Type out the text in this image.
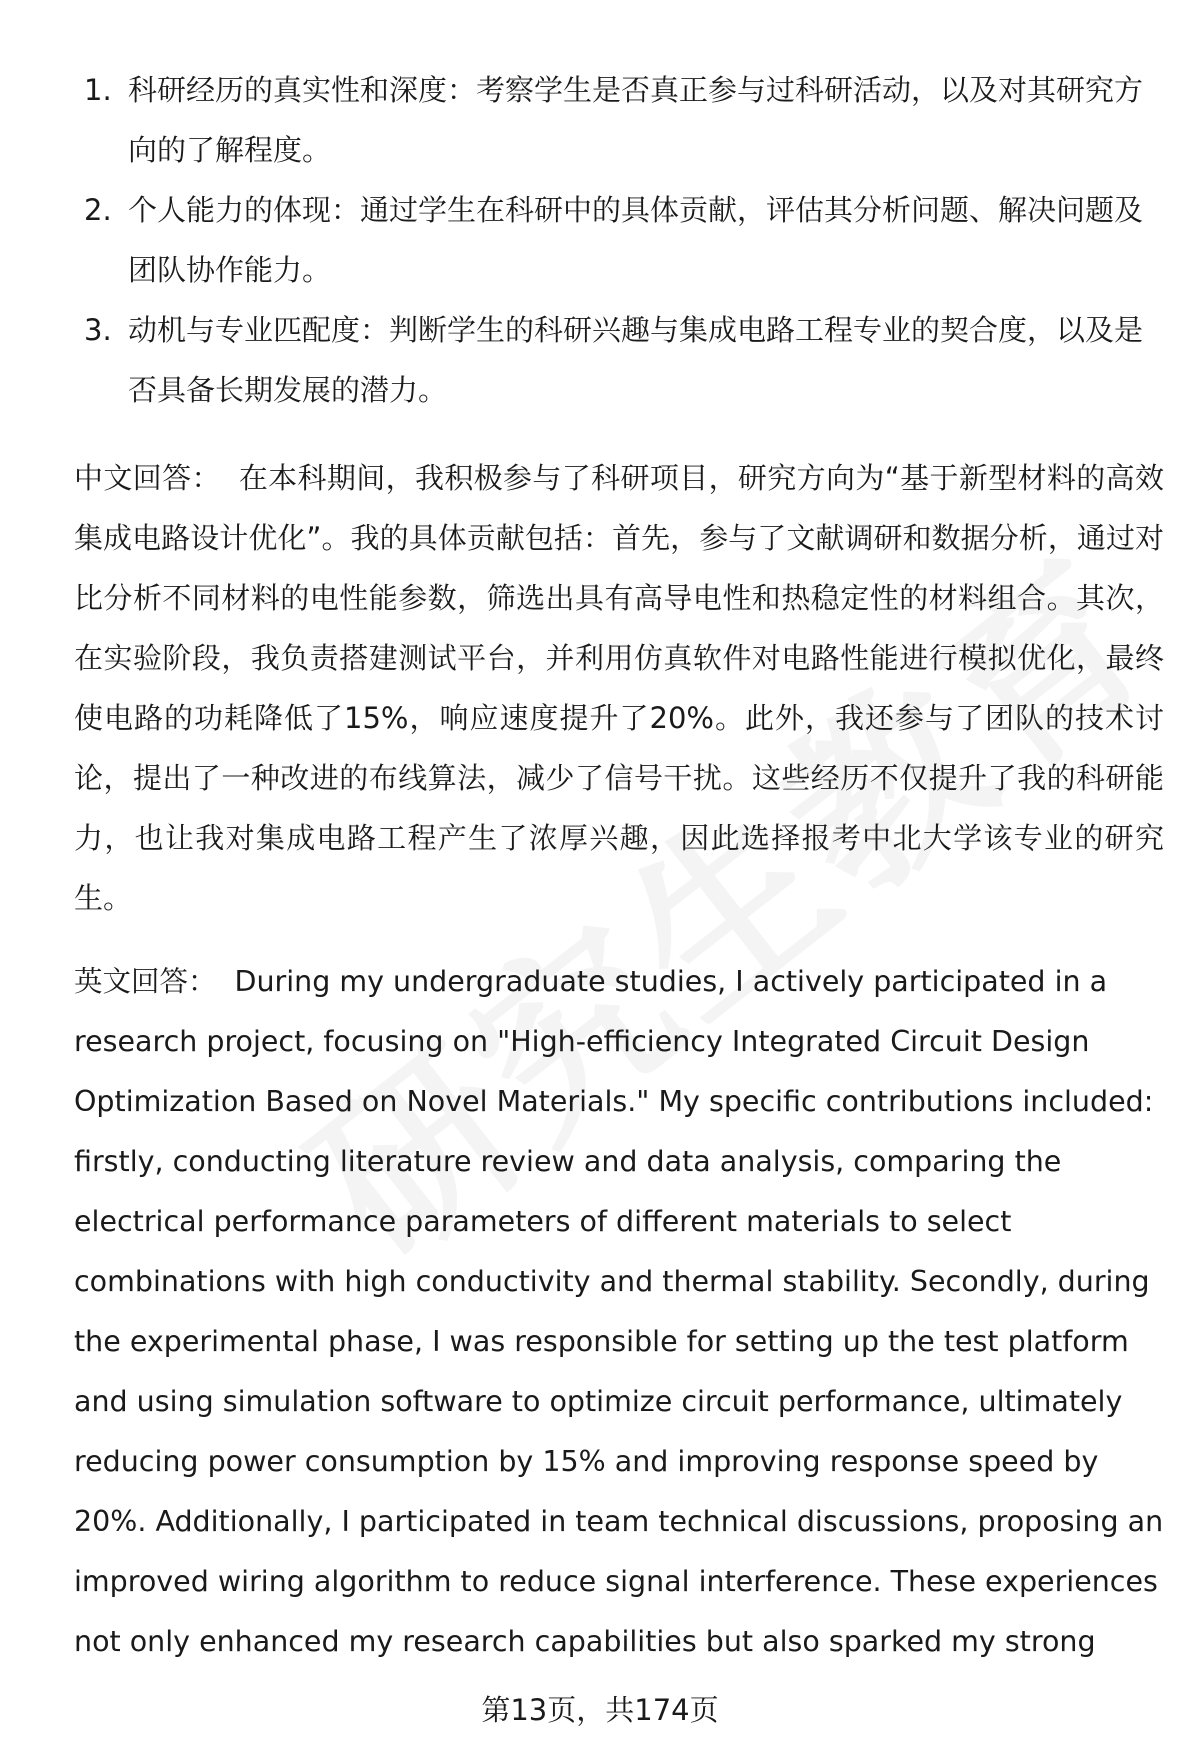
1. 科研经历的真实性和深度：考察学生是否真正参与过科研活动，以及对其研究方向的了解程度。
2. 个人能力的体现：通过学生在科研中的具体贡献，评估其分析问题、解决问题及团队协作能力。
3. 动机与专业匹配度：判断学生的科研兴趣与集成电路工程专业的契合度，以及是否具备长期发展的潜力。

中文回答： 在本科期间，我积极参与了科研项目，研究方向为“基于新型材料的高效集成电路设计优化”。我的具体贡献包括：首先，参与了文献调研和数据分析，通过对比分析不同材料的电性能参数，筛选出具有高导电性和热稳定性的材料组合。其次，在实验阶段，我负责搭建测试平台，并利用仿真软件对电路性能进行模拟优化，最终使电路的功耗降低了15%，响应速度提升了20%。此外，我还参与了团队的技术讨论，提出了一种改进的布线算法，减少了信号干扰。这些经历不仅提升了我的科研能力，也让我对集成电路工程产生了浓厚兴趣，因此选择报考中北大学该专业的研究生。

英文回答： During my undergraduate studies, I actively participated in a research project, focusing on "High-efficiency Integrated Circuit Design Optimization Based on Novel Materials." My specific contributions included: firstly, conducting literature review and data analysis, comparing the electrical performance parameters of different materials to select combinations with high conductivity and thermal stability. Secondly, during the experimental phase, I was responsible for setting up the test platform and using simulation software to optimize circuit performance, ultimately reducing power consumption by 15% and improving response speed by 20%. Additionally, I participated in team technical discussions, proposing an improved wiring algorithm to reduce signal interference. These experiences not only enhanced my research capabilities but also sparked my strong

第13页，共174页
